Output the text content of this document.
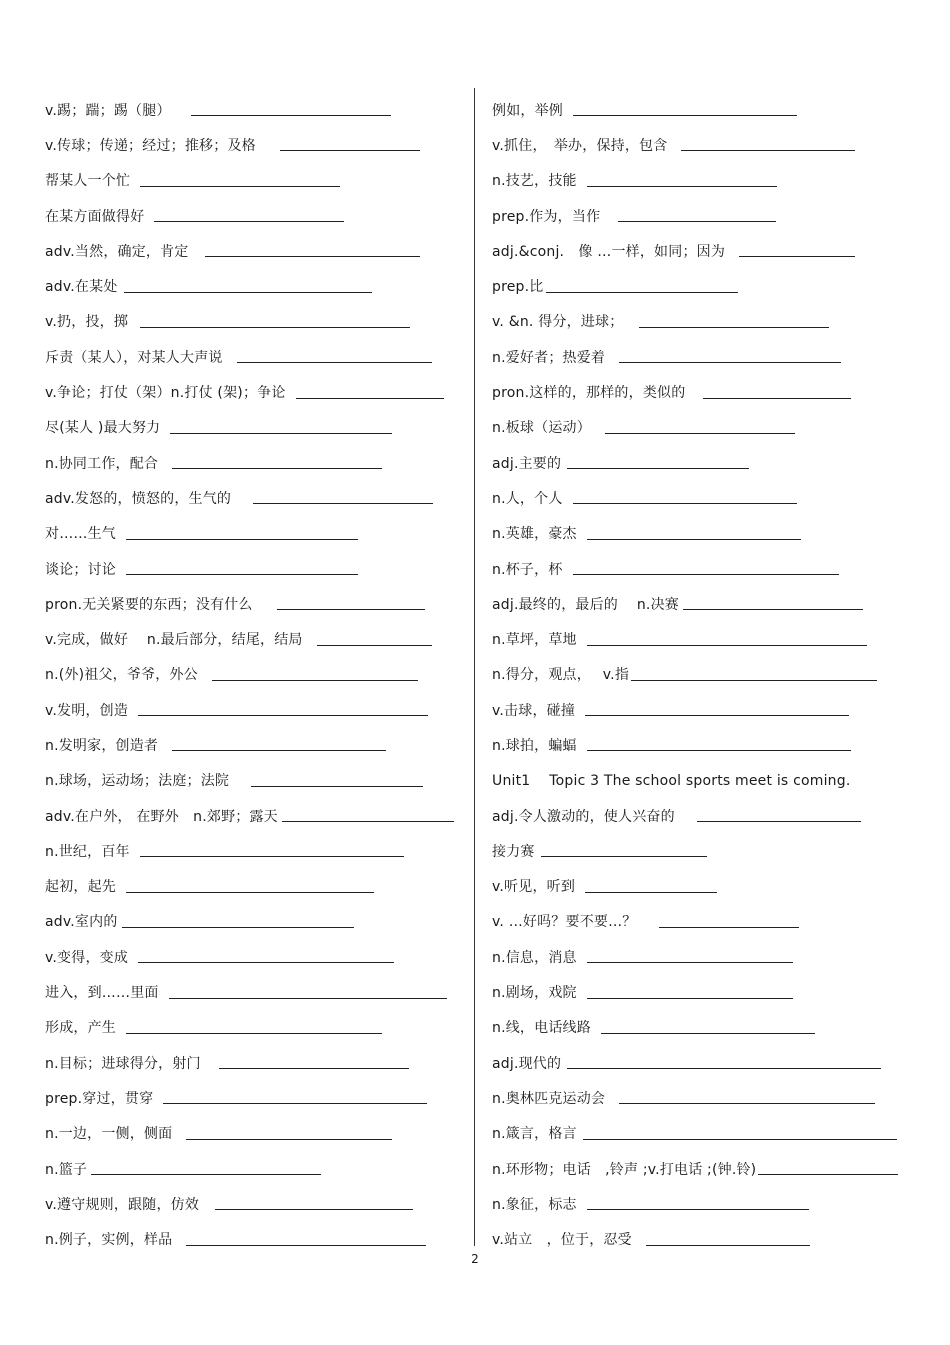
v.踢；踹；踢（腿）
v.传球；传递；经过；推移；及格
帮某人一个忙
在某方面做得好
adv.当然，确定，肯定
adv.在某处
v.扔，投，掷
斥责（某人），对某人大声说
v.争论；打仗（架）n.打仗 (架)；争论
尽(某人 )最大努力
n.协同工作，配合
adv.发怒的，愤怒的，生气的
对……生气
谈论；讨论
pron.无关紧要的东西；没有什么
v.完成，做好　 n.最后部分，结尾，结局
n.(外)祖父，爷爷，外公
v.发明，创造
n.发明家，创造者
n.球场，运动场；法庭；法院
adv.在户外， 在野外　n.郊野；露天
n.世纪，百年
起初，起先
adv.室内的
v.变得，变成
进入，到……里面
形成，产生
n.目标；进球得分，射门
prep.穿过，贯穿
n.一边，一侧，侧面
n.篮子
v.遵守规则，跟随，仿效
n.例子，实例，样品
例如，举例
v.抓住，　举办，保持，包含
n.技艺，技能
prep.作为，当作
adj.&conj.　像 …一样，如同；因为
prep.比
v. &n. 得分，进球；
n.爱好者；热爱着
pron.这样的，那样的，类似的
n.板球（运动）
adj.主要的
n.人，个人
n.英雄，豪杰
n.杯子，杯
adj.最终的，最后的　 n.决赛
n.草坪，草地
n.得分，观点，　 v.指
v.击球，碰撞
n.球拍，蝙蝠
Unit1　 Topic 3 The school sports meet is coming.
adj.令人激动的，使人兴奋的
接力赛
v.听见，听到
v. …好吗？要不要…？
n.信息，消息
n.剧场，戏院
n.线，电话线路
adj.现代的
n.奥林匹克运动会
n.箴言，格言
n.环形物；电话　,铃声 ;v.打电话 ;(钟.铃)
n.象征，标志
v.站立　，位于，忍受
2
